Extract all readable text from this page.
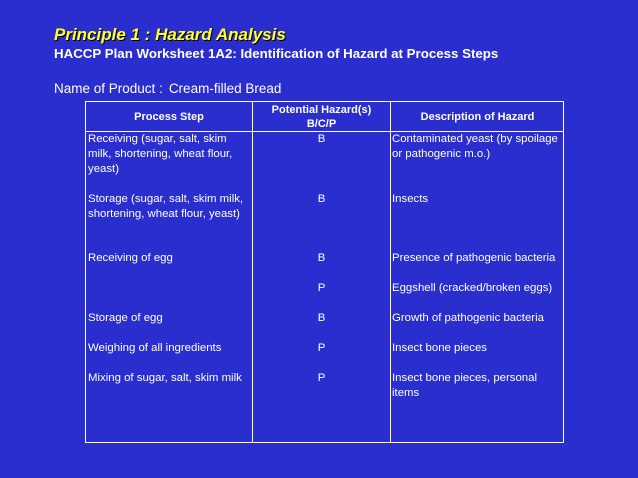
Principle 1 : Hazard Analysis
HACCP Plan Worksheet 1A2: Identification of Hazard at Process Steps
Name of Product : Cream-filled Bread
Process Step
Potential Hazard(s)
B/C/P
Description of Hazard
Receiving (sugar, salt, skim milk, shortening, wheat flour, yeast)
Storage (sugar, salt, skim milk, shortening, wheat flour, yeast)
Receiving of egg
Storage of egg
Weighing of all ingredients
Mixing of sugar, salt, skim milk
B
B
B
P
B
P
P
Contaminated yeast (by spoilage or pathogenic m.o.)
Insects
Presence of pathogenic bacteria
Eggshell (cracked/broken eggs)
Growth of pathogenic bacteria
Insect bone pieces
Insect bone pieces, personal items
